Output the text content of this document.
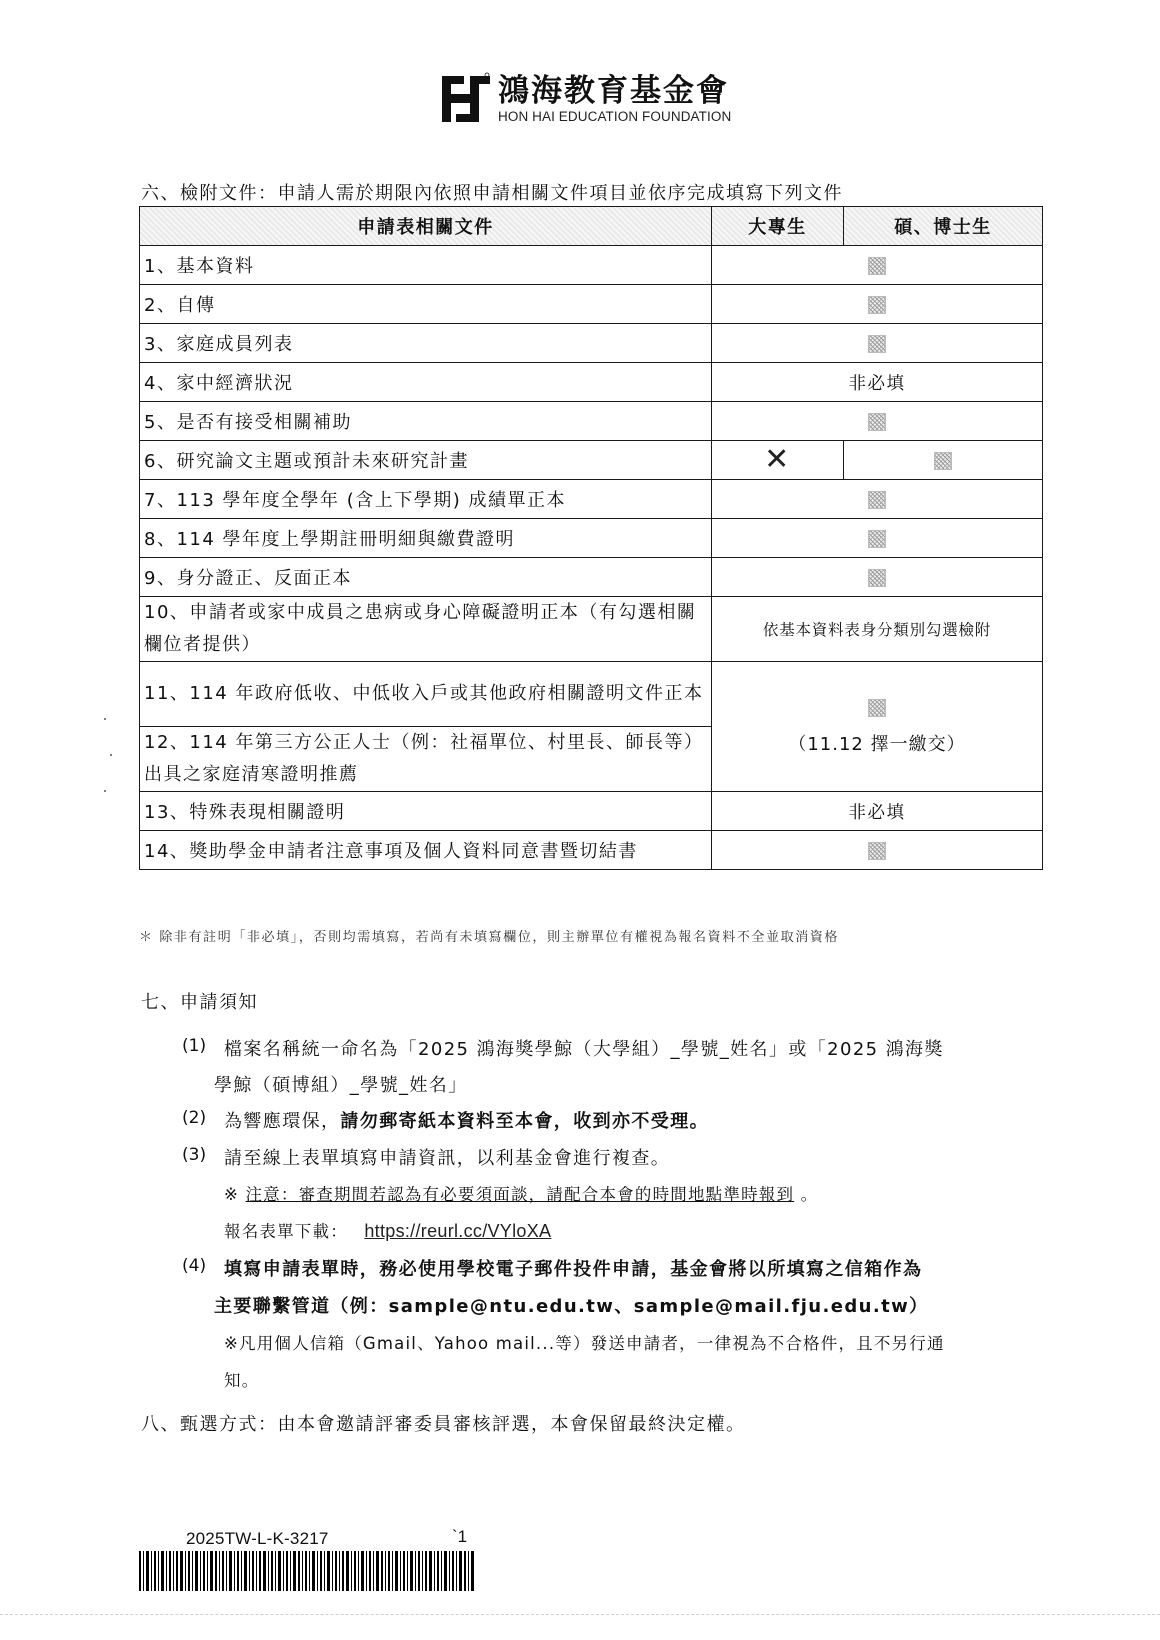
鴻海教育基金會
HON HAI EDUCATION FOUNDATION
六、檢附文件：申請人需於期限內依照申請相關文件項目並依序完成填寫下列文件
申請表相關文件	大專生	碩、博士生
1、基本資料		
2、自傳		
3、家庭成員列表		
4、家中經濟狀況	非必填	
5、是否有接受相關補助		
6、研究論文主題或預計未來研究計畫	✕	
7、113 學年度全學年 (含上下學期) 成績單正本		
8、114 學年度上學期註冊明細與繳費證明		
9、身分證正、反面正本		
10、申請者或家中成員之患病或身心障礙證明正本（有勾選相關欄位者提供）	依基本資料表身分類別勾選檢附	
11、114 年政府低收、中低收入戶或其他政府相關證明文件正本	（11.12 擇一繳交）	

12、114 年第三方公正人士（例：社福單位、村里長、師長等）出具之家庭清寒證明推薦		
13、特殊表現相關證明	非必填	
14、獎助學金申請者注意事項及個人資料同意書暨切結書		
＊ 除非有註明「非必填」，否則均需填寫，若尚有未填寫欄位，則主辦單位有權視為報名資料不全並取消資格
七、申請須知
(1) 檔案名稱統一命名為「2025 鴻海獎學鯨（大學組）_學號_姓名」或「2025 鴻海獎
學鯨（碩博組）_學號_姓名」
(2) 為響應環保，請勿郵寄紙本資料至本會，收到亦不受理。
(3) 請至線上表單填寫申請資訊，以利基金會進行複查。
※ 注意：審查期間若認為有必要須面談，請配合本會的時間地點準時報到 。
報名表單下載： https://reurl.cc/VYloXA
(4) 填寫申請表單時，務必使用學校電子郵件投件申請，基金會將以所填寫之信箱作為
主要聯繫管道（例：sample@ntu.edu.tw、sample@mail.fju.edu.tw）
※凡用個人信箱（Gmail、Yahoo mail...等）發送申請者，一律視為不合格件，且不另行通
知。
八、甄選方式：由本會邀請評審委員審核評選，本會保留最終決定權。
2025TW-L-K-3217	`1
